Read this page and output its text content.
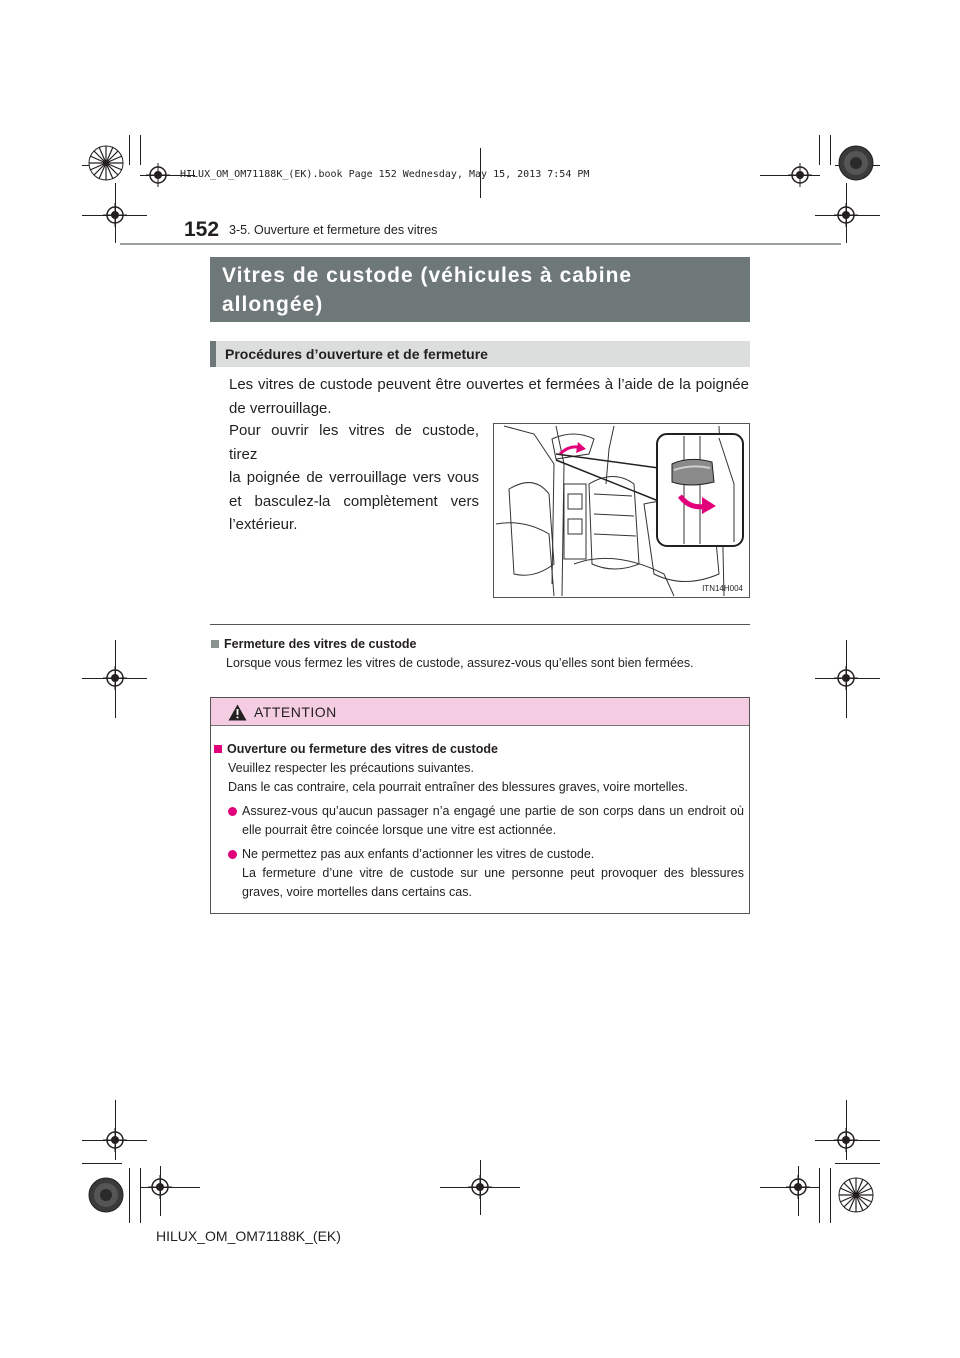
HILUX_OM_OM71188K_(EK).book Page 152 Wednesday, May 15, 2013 7:54 PM
152 3-5. Ouverture et fermeture des vitres
Vitres de custode (véhicules à cabine
allongée)
Procédures d’ouverture et de fermeture
Les vitres de custode peuvent être ouvertes et fermées à l’aide de la poignée de verrouillage.
Pour ouvrir les vitres de custode, tirez
la poignée de verrouillage vers vous
et basculez-la complètement vers
l’extérieur.
ITN14H004
Fermeture des vitres de custode
Lorsque vous fermez les vitres de custode, assurez-vous qu’elles sont bien fermées.
ATTENTION
Ouverture ou fermeture des vitres de custode
Veuillez respecter les précautions suivantes.
Dans le cas contraire, cela pourrait entraîner des blessures graves, voire mortelles.
Assurez-vous qu’aucun passager n’a engagé une partie de son corps dans un endroit où elle pourrait être coincée lorsque une vitre est actionnée.
Ne permettez pas aux enfants d’actionner les vitres de custode.
La fermeture d’une vitre de custode sur une personne peut provoquer des blessures graves, voire mortelles dans certains cas.
HILUX_OM_OM71188K_(EK)
